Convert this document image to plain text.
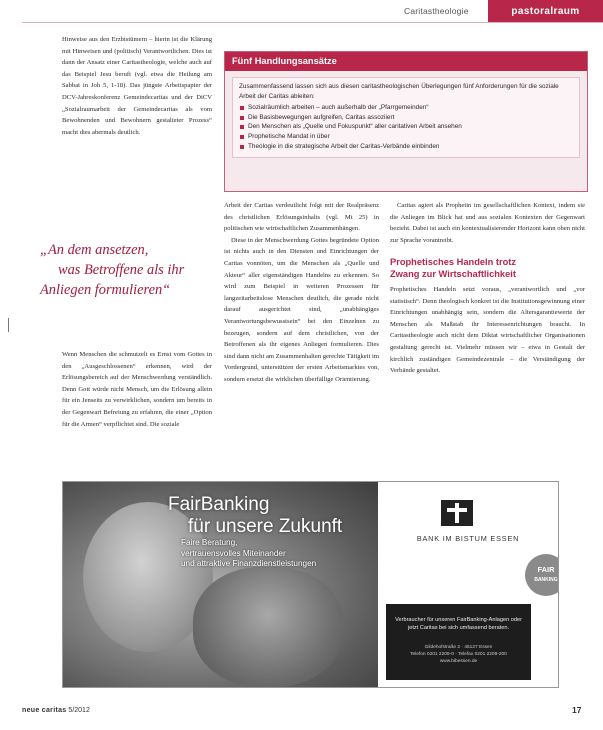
Caritastheologie	pastoralraum

Hinweise aus den Erzbistümern – hierin ist die Klärung mit Hinweisen und (politisch) Verantwortlichen. Dies ist dann der Ansatz einer Caritastheologie, welche auch auf das Beispiel Jesu beruft (vgl. etwa die Heilung am Sabbat in Joh 5, 1-18). Das jüngste Arbeitspapier der DCV-Jahreskonferenz Gemeindecaritas und der DiCV „Sozialraumarbeit der Gemeindecaritas als vom Bewohnenden und Bewohnern gestalteter Prozess“ macht dies abermals deutlich.

„An dem ansetzen,
was Betroffene als ihr
Anliegen formulieren“

Wenn Menschen die schmutzelt es Ernst vom Gottes in den „Ausgeschlossenen“ erkennen, wird der Erlösungsbereich auf der Menschwerdung verständlich. Denn Gott würde nicht Mensch, um die Erlösung allein für ein Jenseits zu verwirklichen, sondern um bereits in der Gegenwart Befreiung zu erfahren, die einer „Option für die Armen“ verpflichtet sind. Die soziale

Fünf Handlungsansätze
Zusammenfassend lassen sich aus diesen caritastheologischen Überlegungen fünf Anforderungen für die soziale Arbeit der Caritas ableiten:
Sozialräumlich arbeiten – auch außerhalb der „Pfarrgemeinden“
Die Basisbewegungen aufgreifen, Caritas assoziiert
Den Menschen als „Quelle und Fokuspunkt“ aller caritativen Arbeit ansehen
Prophetische Mandat in über
Theologie in die strategische Arbeit der Caritas-Verbände einbinden

Arbeit der Caritas verdeutlicht folgt mit der Realpräsenz des christlichen Erlösungsinhalts (vgl. Mt 25) in politischen wie wirtschaftlichen Zusammenhängen.

Diese in der Menschwerdung Gottes begründete Option ist nichts auch in den Diensten und Einrichtungen der Caritas vonnöten, um die Menschen als „Quelle und Akteur“ aller eigenständigen Handelns zu erkennen. So wird zum Beispiel in weiteren Prozessen für langzeitarbeitslose Menschen deutlich, die gerade nicht darauf ausgerichtet sind, „unabhängiges Verantwortungsbewusstsein“ bei den Einzelnen zu bezeugen, sondern auf dem christlichen, von der Betroffenen als ihr eigenes Anliegen formulieren. Dies sind dann nicht am Zusammenhalten gerechte Tätigkeit im Vordergrund, unterstützen der ersten Arbeitsmarktes von, sondern ersetzt die wirklichen überfällige Orientierung.

Caritas agiert als Prophetin im gesellschaftlichen Kontext, indem sie die Anliegen im Blick hat und aus sozialen Kontexten der Gegenwart bezieht. Dabei ist auch ein kontextualisierender Horizont kann oben nicht zur Sprache vorantreibt.

Prophetisches Handeln trotz
Zwang zur Wirtschaftlichkeit

Prophetisches Handeln setzt voraus, „verantwortlich und „vor statistisch“. Denn theologisch konkret ist die Institutionsgewinnung einer Einrichtungen unabhängig sein, sondern die Altersgarantiewerte der Menschen als Maßstab ihr Interessenrichtungen braucht. In Caritastheologie auch nicht dem Diktat wirtschaftlicher Organisationen gestaltung gerecht ist. Vielmehr müssen wir – etwa in Gestalt der kirchlich zuständigen Gemeindezentrale – die Verständigung der Verbände gestaltet.

FairBanking
für unsere Zukunft
Faire Beratung,
vertrauensvolles Miteinander
und attraktive Finanzdienstleistungen
BANK IM BISTUM ESSEN
Verbraucher für unseren FairBanking-Anlagen oder
jetzt Caritas bei sich umfassend beraten.
Gildehofstraße 2 · 45127 Essen
Telefon 0201 2209-0 · Telefax 0201 2209-200
www.bibessen.de
FAIR
BANKING
neue caritas 5/2012	17
